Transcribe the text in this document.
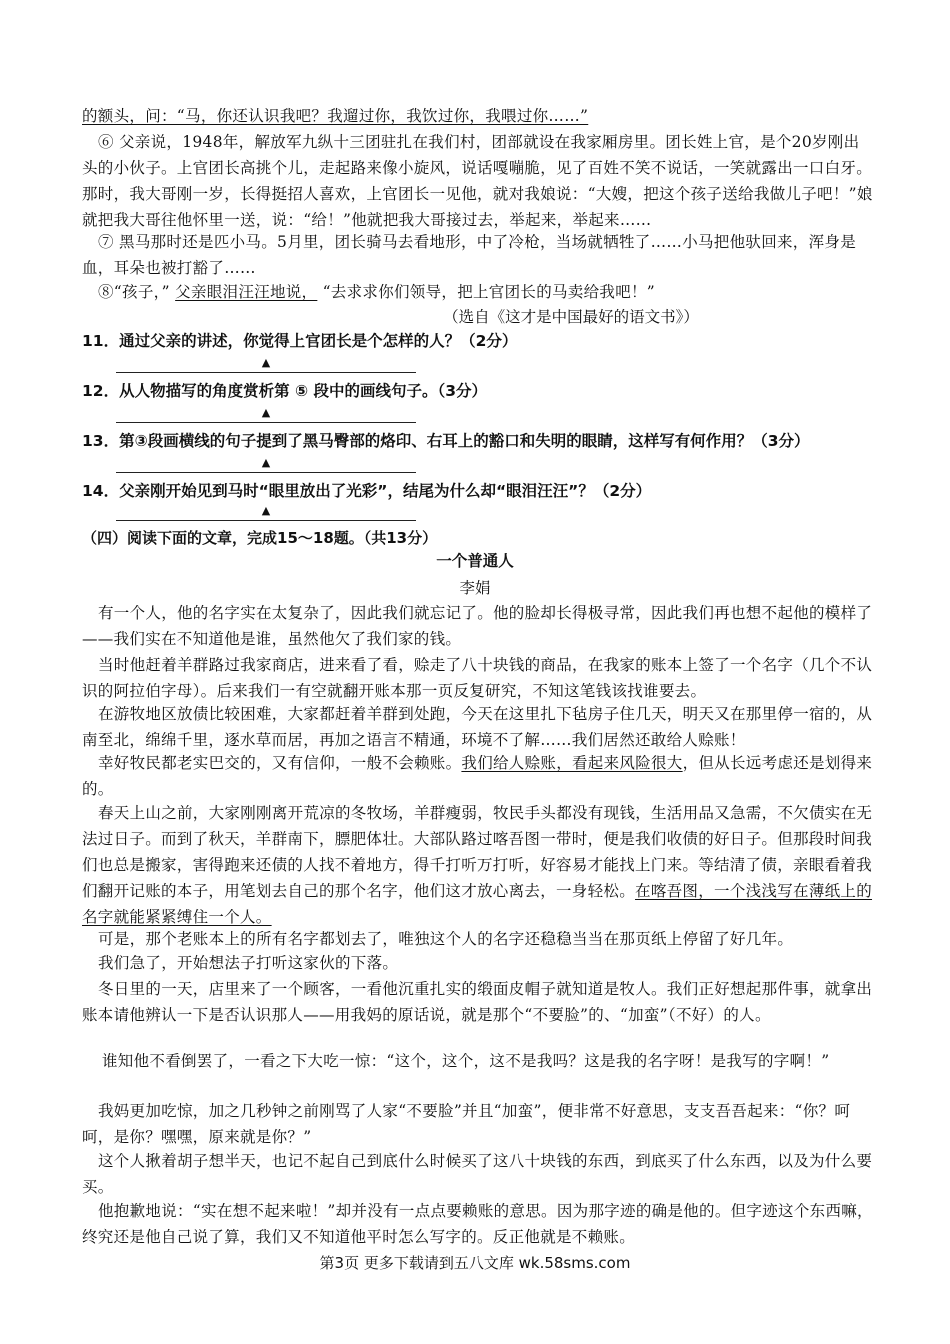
的额头，问：“马，你还认识我吧？我遛过你，我饮过你，我喂过你……”

⑥ 父亲说，1948年，解放军九纵十三团驻扎在我们村，团部就设在我家厢房里。团长姓上官，是个20岁刚出头的小伙子。上官团长高挑个儿，走起路来像小旋风，说话嘎嘣脆，见了百姓不笑不说话，一笑就露出一口白牙。那时，我大哥刚一岁，长得挺招人喜欢，上官团长一见他，就对我娘说：“大嫂，把这个孩子送给我做儿子吧！”娘就把我大哥往他怀里一送，说：“给！”他就把我大哥接过去，举起来，举起来……

⑦ 黑马那时还是匹小马。5月里，团长骑马去看地形，中了冷枪，当场就牺牲了……小马把他驮回来，浑身是血，耳朵也被打豁了……

⑧“孩子，” 父亲眼泪汪汪地说， “去求求你们领导，把上官团长的马卖给我吧！”

（选自《这才是中国最好的语文书》）

11．通过父亲的讲述，你觉得上官团长是个怎样的人？（2分）

▲

12．从人物描写的角度赏析第 ⑤ 段中的画线句子。（3分）

▲

13．第③段画横线的句子提到了黑马臀部的烙印、右耳上的豁口和失明的眼睛，这样写有何作用？（3分）

▲

14．父亲刚开始见到马时“眼里放出了光彩”，结尾为什么却“眼泪汪汪”？（2分）

▲

（四）阅读下面的文章，完成15～18题。（共13分）

一个普通人
李娟

有一个人，他的名字实在太复杂了，因此我们就忘记了。他的脸却长得极寻常，因此我们再也想不起他的模样了——我们实在不知道他是谁，虽然他欠了我们家的钱。

当时他赶着羊群路过我家商店，进来看了看，赊走了八十块钱的商品，在我家的账本上签了一个名字（几个不认识的阿拉伯字母）。后来我们一有空就翻开账本那一页反复研究，不知这笔钱该找谁要去。

在游牧地区放债比较困难，大家都赶着羊群到处跑，今天在这里扎下毡房子住几天，明天又在那里停一宿的，从南至北，绵绵千里，逐水草而居，再加之语言不精通，环境不了解……我们居然还敢给人赊账！

幸好牧民都老实巴交的，又有信仰，一般不会赖账。我们给人赊账，看起来风险很大，但从长远考虑还是划得来的。

春天上山之前，大家刚刚离开荒凉的冬牧场，羊群瘦弱，牧民手头都没有现钱，生活用品又急需，不欠债实在无法过日子。而到了秋天，羊群南下，膘肥体壮。大部队路过喀吾图一带时，便是我们收债的好日子。但那段时间我们也总是搬家，害得跑来还债的人找不着地方，得千打听万打听，好容易才能找上门来。等结清了债，亲眼看着我们翻开记账的本子，用笔划去自己的那个名字，他们这才放心离去，一身轻松。在喀吾图，一个浅浅写在薄纸上的名字就能紧紧缚住一个人。

可是，那个老账本上的所有名字都划去了，唯独这个人的名字还稳稳当当在那页纸上停留了好几年。

我们急了，开始想法子打听这家伙的下落。

冬日里的一天，店里来了一个顾客，一看他沉重扎实的缎面皮帽子就知道是牧人。我们正好想起那件事，就拿出账本请他辨认一下是否认识那人——用我妈的原话说，就是那个“不要脸”的、“加蛮”（不好）的人。

谁知他不看倒罢了，一看之下大吃一惊：“这个，这个，这不是我吗？这是我的名字呀！是我写的字啊！”

我妈更加吃惊，加之几秒钟之前刚骂了人家“不要脸”并且“加蛮”，便非常不好意思，支支吾吾起来：“你？呵呵，是你？嘿嘿，原来就是你？”

这个人揪着胡子想半天，也记不起自己到底什么时候买了这八十块钱的东西，到底买了什么东西，以及为什么要买。

他抱歉地说：“实在想不起来啦！”却并没有一点点要赖账的意思。因为那字迹的确是他的。但字迹这个东西嘛，终究还是他自己说了算，我们又不知道他平时怎么写字的。反正他就是不赖账。

第3页 更多下载请到五八文库 wk.58sms.com
